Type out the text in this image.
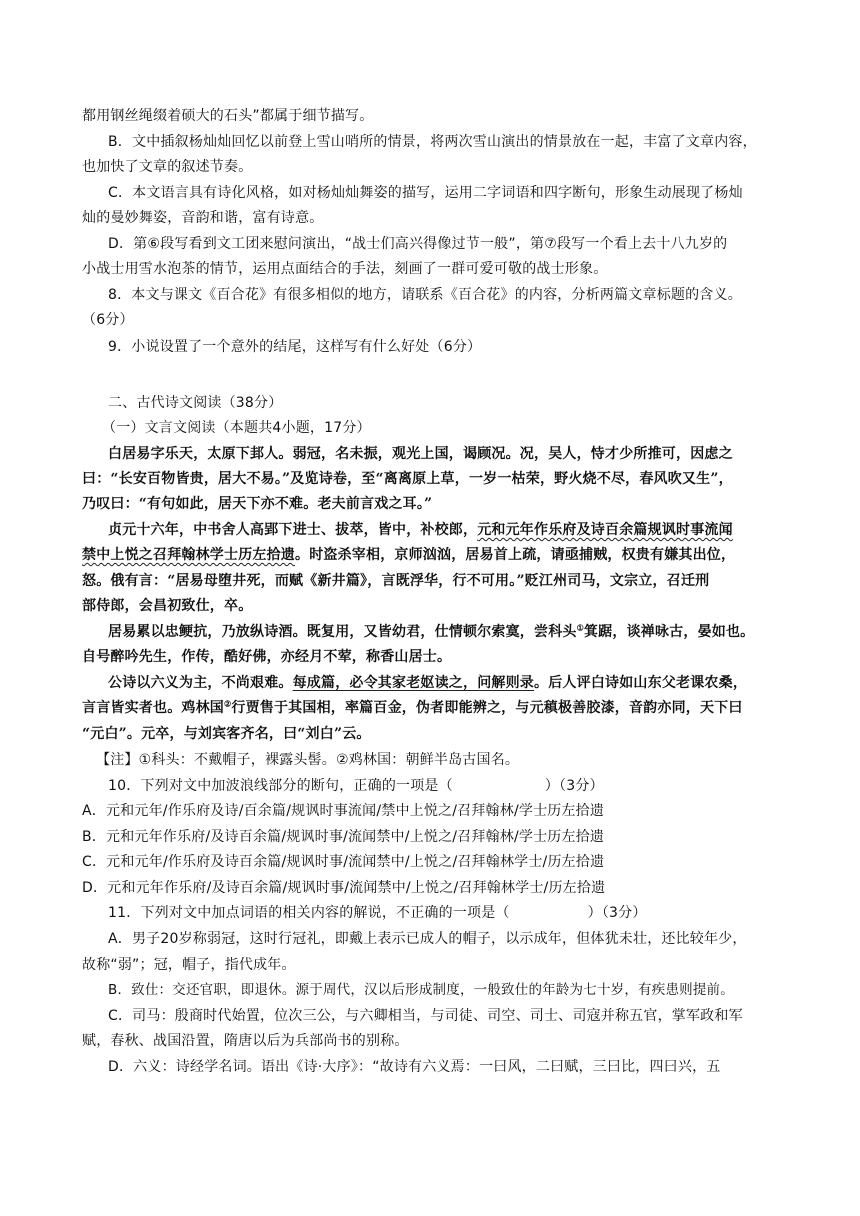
都用钢丝绳缀着硕大的石头”都属于细节描写。
B．文中插叙杨灿灿回忆以前登上雪山哨所的情景，将两次雪山演出的情景放在一起，丰富了文章内容，
也加快了文章的叙述节奏。
C．本文语言具有诗化风格，如对杨灿灿舞姿的描写，运用二字词语和四字断句，形象生动展现了杨灿
灿的曼妙舞姿，音韵和谐，富有诗意。
D．第⑥段写看到文工团来慰问演出，“战士们高兴得像过节一般”，第⑦段写一个看上去十八九岁的
小战士用雪水泡茶的情节，运用点面结合的手法，刻画了一群可爱可敬的战士形象。
8．本文与课文《百合花》有很多相似的地方，请联系《百合花》的内容，分析两篇文章标题的含义。
（6分）
9．小说设置了一个意外的结尾，这样写有什么好处（6分）
二、古代诗文阅读（38分）
（一）文言文阅读（本题共4小题，17分）
白居易字乐天，太原下邽人。弱冠，名未振，观光上国，谒顾况。况，吴人，恃才少所推可，因虑之
曰：“长安百物皆贵，居大不易。”及览诗卷，至“离离原上草，一岁一枯荣，野火烧不尽，春风吹又生”，
乃叹曰：“有句如此，居天下亦不难。老夫前言戏之耳。”
贞元十六年，中书舍人高郢下进士、拔萃，皆中，补校郎，元和元年作乐府及诗百余篇规讽时事流闻
禁中上悦之召拜翰林学士历左拾遗。时盗杀宰相，京师汹汹，居易首上疏，请亟捕贼，权贵有嫌其出位，
怒。俄有言：“居易母堕井死，而赋《新井篇》，言既浮华，行不可用。”贬江州司马，文宗立，召迁刑
部侍郎，会昌初致仕，卒。
居易累以忠鲠抗，乃放纵诗酒。既复用，又皆幼君，仕情顿尔索寞，尝科头①箕踞，谈禅咏古，晏如也。
自号醉吟先生，作传，酷好佛，亦经月不荤，称香山居士。
公诗以六义为主，不尚艰难。每成篇，必令其家老妪读之，问解则录。后人评白诗如山东父老课农桑，
言言皆实者也。鸡林国②行贾售于其国相，率篇百金，伪者即能辨之，与元稹极善胶漆，音韵亦同，天下曰
“元白”。元卒，与刘宾客齐名，曰“刘白”云。
【注】①科头：不戴帽子，裸露头髻。②鸡林国：朝鲜半岛古国名。
10．下列对文中加波浪线部分的断句，正确的一项是（	）（3分）
A．元和元年/作乐府及诗/百余篇/规讽时事流闻/禁中上悦之/召拜翰林/学士历左拾遗
B．元和元年作乐府/及诗百余篇/规讽时事/流闻禁中/上悦之/召拜翰林/学士历左拾遗
C．元和元年/作乐府及诗百余篇/规讽时事/流闻禁中/上悦之/召拜翰林学士/历左拾遗
D．元和元年作乐府/及诗百余篇/规讽时事/流闻禁中/上悦之/召拜翰林学士/历左拾遗
11．下列对文中加点词语的相关内容的解说，不正确的一项是（	）（3分）
A．男子20岁称弱冠，这时行冠礼，即戴上表示已成人的帽子，以示成年，但体犹未壮，还比较年少，
故称“弱”；冠，帽子，指代成年。
B．致仕：交还官职，即退休。源于周代，汉以后形成制度，一般致仕的年龄为七十岁，有疾患则提前。
C．司马：殷商时代始置，位次三公，与六卿相当，与司徒、司空、司士、司寇并称五官，掌军政和军
赋，春秋、战国沿置，隋唐以后为兵部尚书的别称。
D．六义：诗经学名词。语出《诗·大序》：“故诗有六义焉：一曰风，二曰赋，三曰比，四曰兴，五
